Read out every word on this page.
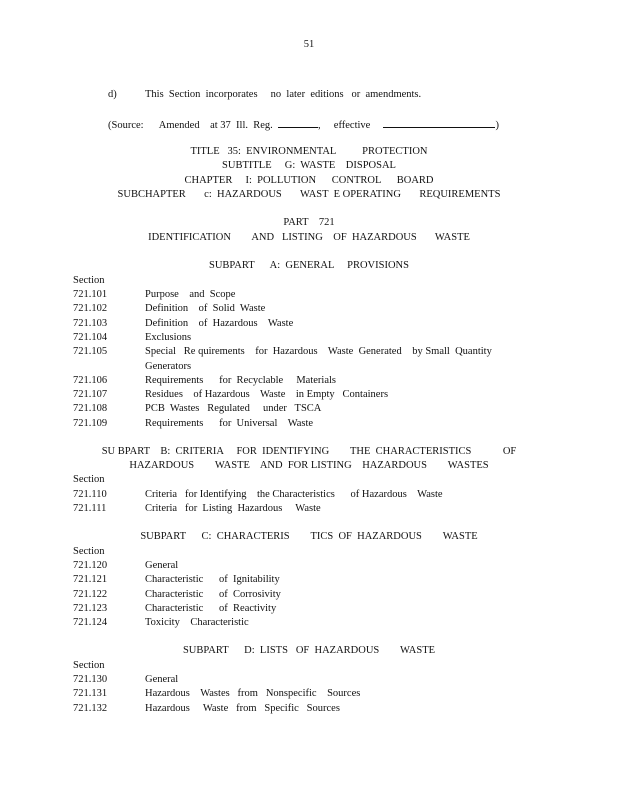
51
d)	This  Section  incorporates     no  later  editions   or  amendments.
(Source: Amended at 37  Ill.  Reg.	, effective	)
TITLE   35:  ENVIRONMENTAL          PROTECTION
SUBTITLE     G:  WASTE    DISPOSAL
CHAPTER     I:  POLLUTION      CONTROL      BOARD
SUBCHAPTER       c:  HAZARDOUS       WAST  E OPERATING       REQUIREMENTS
PART    721
IDENTIFICATION        AND   LISTING    OF  HAZARDOUS       WASTE
SUBPART      A:  GENERAL     PROVISIONS
Section
721.101	Purpose    and  Scope
721.102	Definition    of  Solid  Waste
721.103	Definition    of  Hazardous    Waste
721.104	Exclusions
721.105	Special   Re quirements    for  Hazardous    Waste  Generated    by Small  Quantity
Generators
721.106	Requirements      for  Recyclable     Materials
721.107	Residues    of Hazardous    Waste    in Empty   Containers
721.108	PCB  Wastes   Regulated     under   TSCA
721.109	Requirements      for  Universal    Waste
SU BPART    B:  CRITERIA     FOR  IDENTIFYING        THE  CHARACTERISTICS            OF
HAZARDOUS        WASTE    AND  FOR LISTING    HAZARDOUS        WASTES
Section
721.110	Criteria   for Identifying    the Characteristics      of Hazardous    Waste
721.111	Criteria   for  Listing  Hazardous     Waste
SUBPART      C:  CHARACTERIS        TICS  OF  HAZARDOUS        WASTE
Section
721.120	General
721.121	Characteristic      of  Ignitability
721.122	Characteristic      of  Corrosivity
721.123	Characteristic      of  Reactivity
721.124	Toxicity    Characteristic
SUBPART      D:  LISTS   OF  HAZARDOUS        WASTE
Section
721.130	General
721.131	Hazardous    Wastes   from   Nonspecific    Sources
721.132	Hazardous     Waste   from   Specific   Sources
